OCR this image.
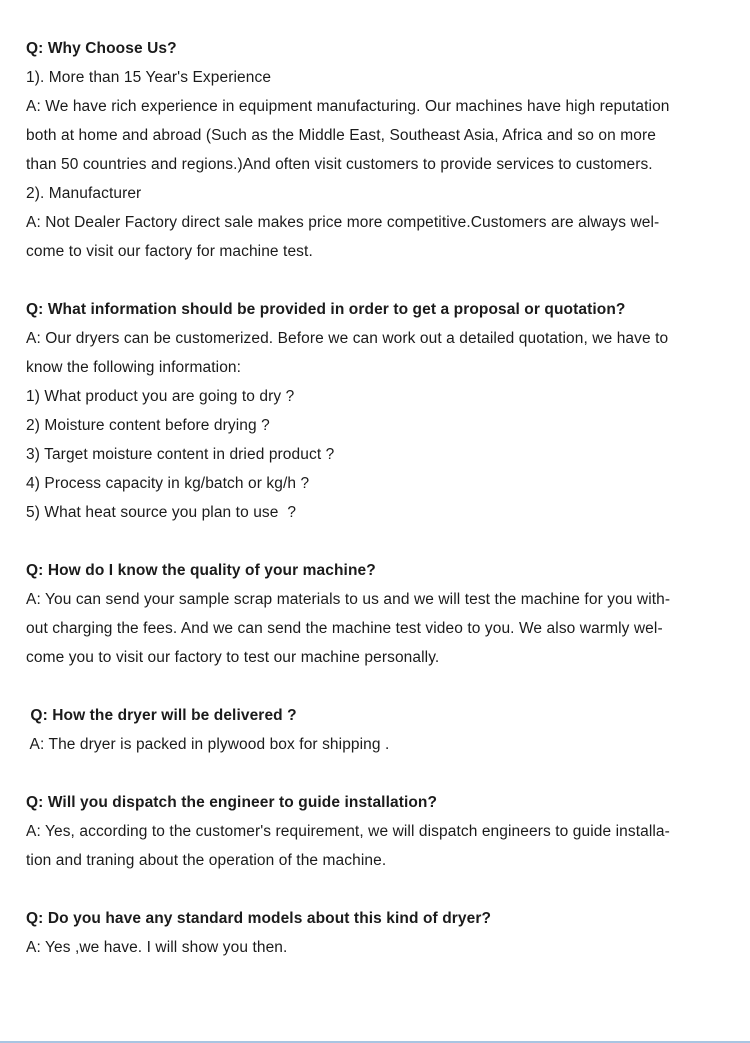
Q: Why Choose Us?
1). More than 15 Year's Experience
A: We have rich experience in equipment manufacturing. Our machines have high reputation
both at home and abroad (Such as the Middle East, Southeast Asia, Africa and so on more
than 50 countries and regions.)And often visit customers to provide services to customers.
2). Manufacturer
A: Not Dealer Factory direct sale makes price more competitive.Customers are always wel-
come to visit our factory for machine test.
Q: What information should be provided in order to get a proposal or quotation?
A: Our dryers can be customerized. Before we can work out a detailed quotation, we have to
know the following information:
1) What product you are going to dry ?
2) Moisture content before drying ?
3) Target moisture content in dried product ?
4) Process capacity in kg/batch or kg/h ?
5) What heat source you plan to use  ?
Q: How do I know the quality of your machine?
A: You can send your sample scrap materials to us and we will test the machine for you with-
out charging the fees. And we can send the machine test video to you. We also warmly wel-
come you to visit our factory to test our machine personally.
Q: How the dryer will be delivered ?
A: The dryer is packed in plywood box for shipping .
Q: Will you dispatch the engineer to guide installation?
A: Yes, according to the customer's requirement, we will dispatch engineers to guide installa-
tion and traning about the operation of the machine.
Q: Do you have any standard models about this kind of dryer?
A: Yes ,we have. I will show you then.
